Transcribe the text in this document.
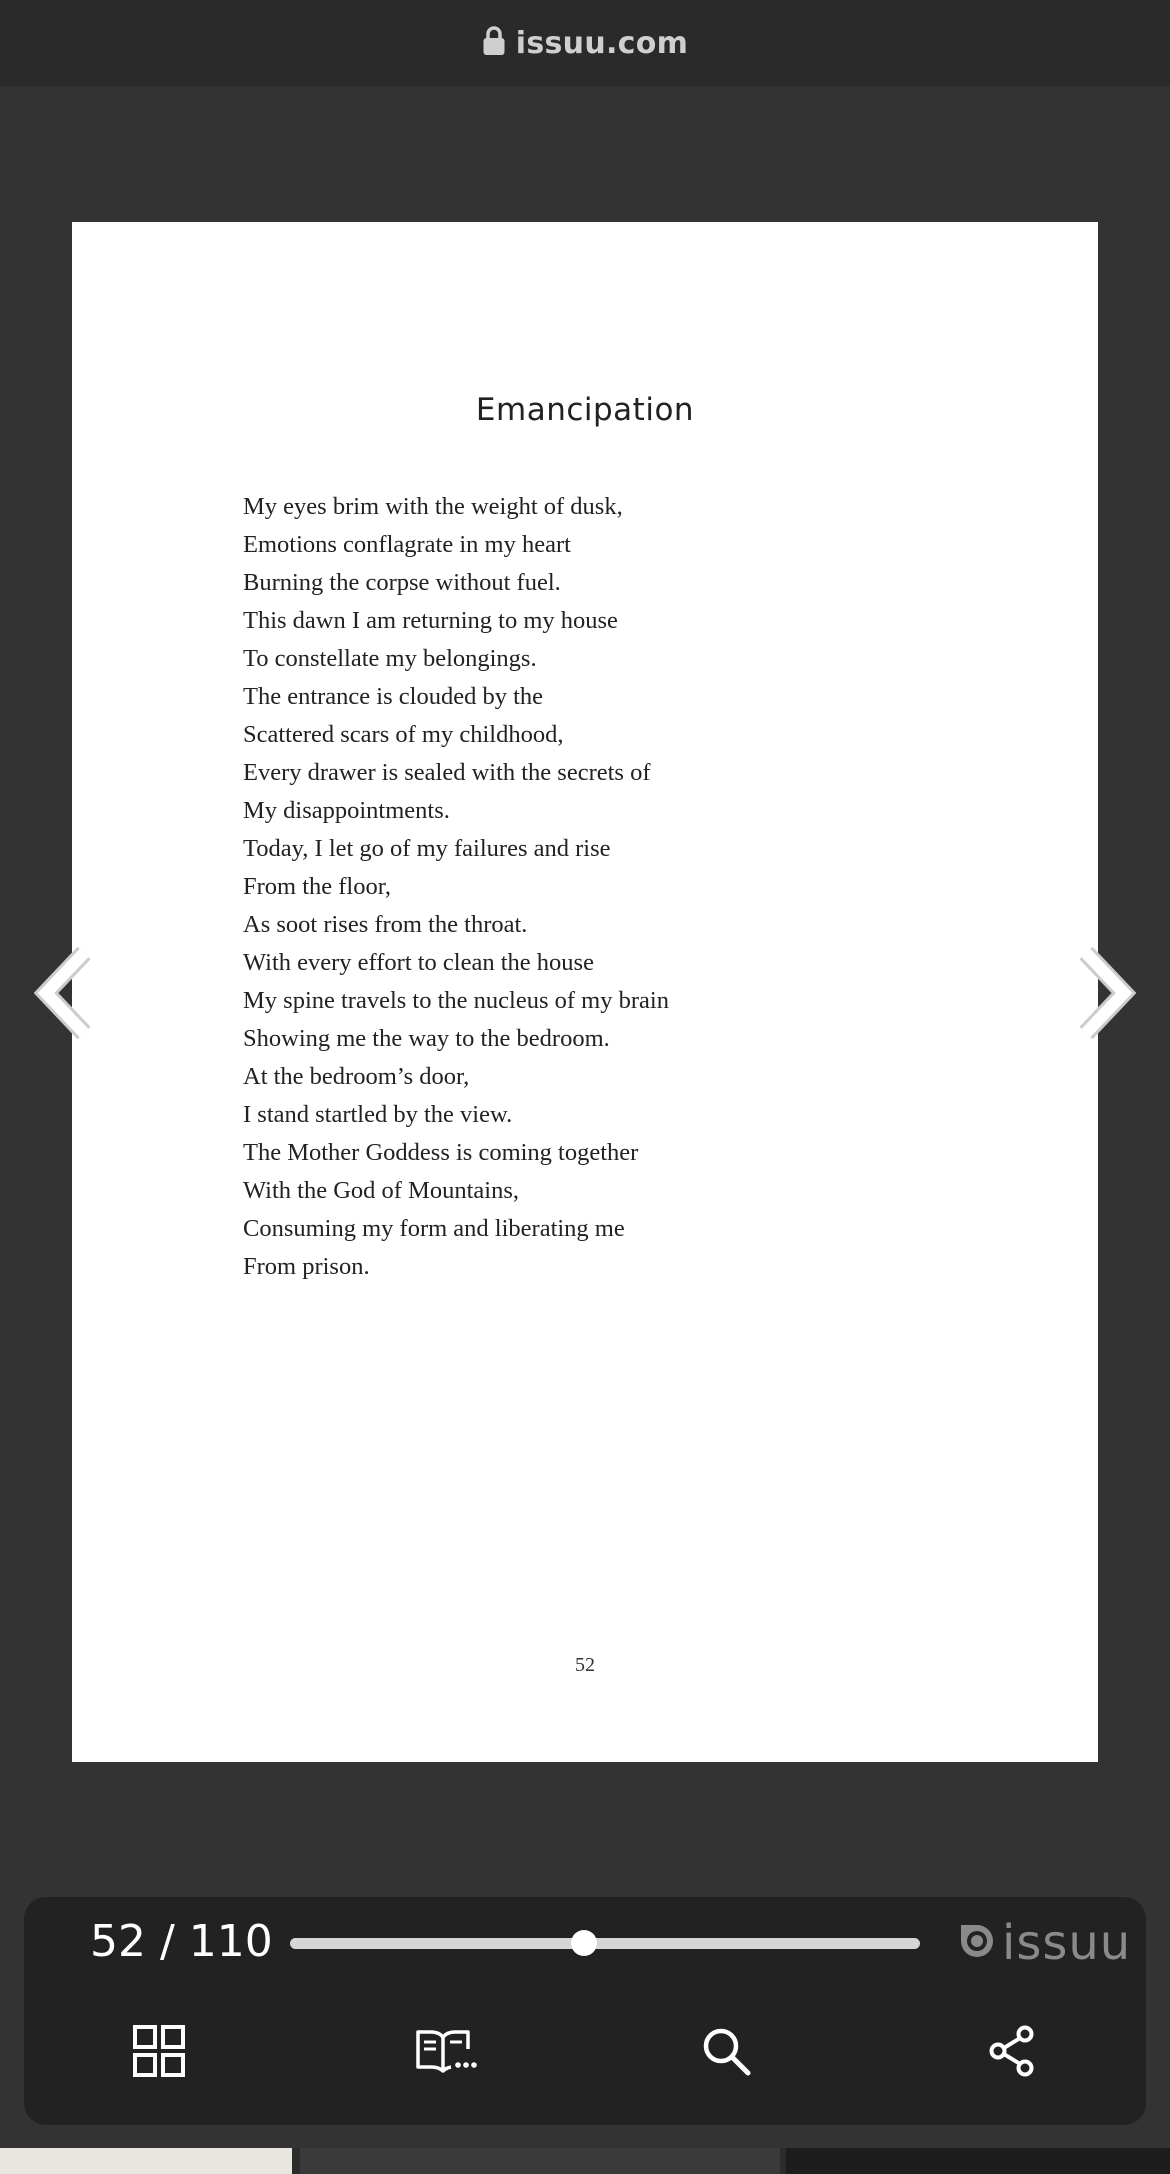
issuu.com
Emancipation
My eyes brim with the weight of dusk,
Emotions conflagrate in my heart
Burning the corpse without fuel.
This dawn I am returning to my house
To constellate my belongings.
The entrance is clouded by the
Scattered scars of my childhood,
Every drawer is sealed with the secrets of
My disappointments.
Today, I let go of my failures and rise
From the floor,
As soot rises from the throat.
With every effort to clean the house
My spine travels to the nucleus of my brain
Showing me the way to the bedroom.
At the bedroom’s door,
I stand startled by the view.
The Mother Goddess is coming together
With the God of Mountains,
Consuming my form and liberating me
From prison.
52
52 / 110	issuu
